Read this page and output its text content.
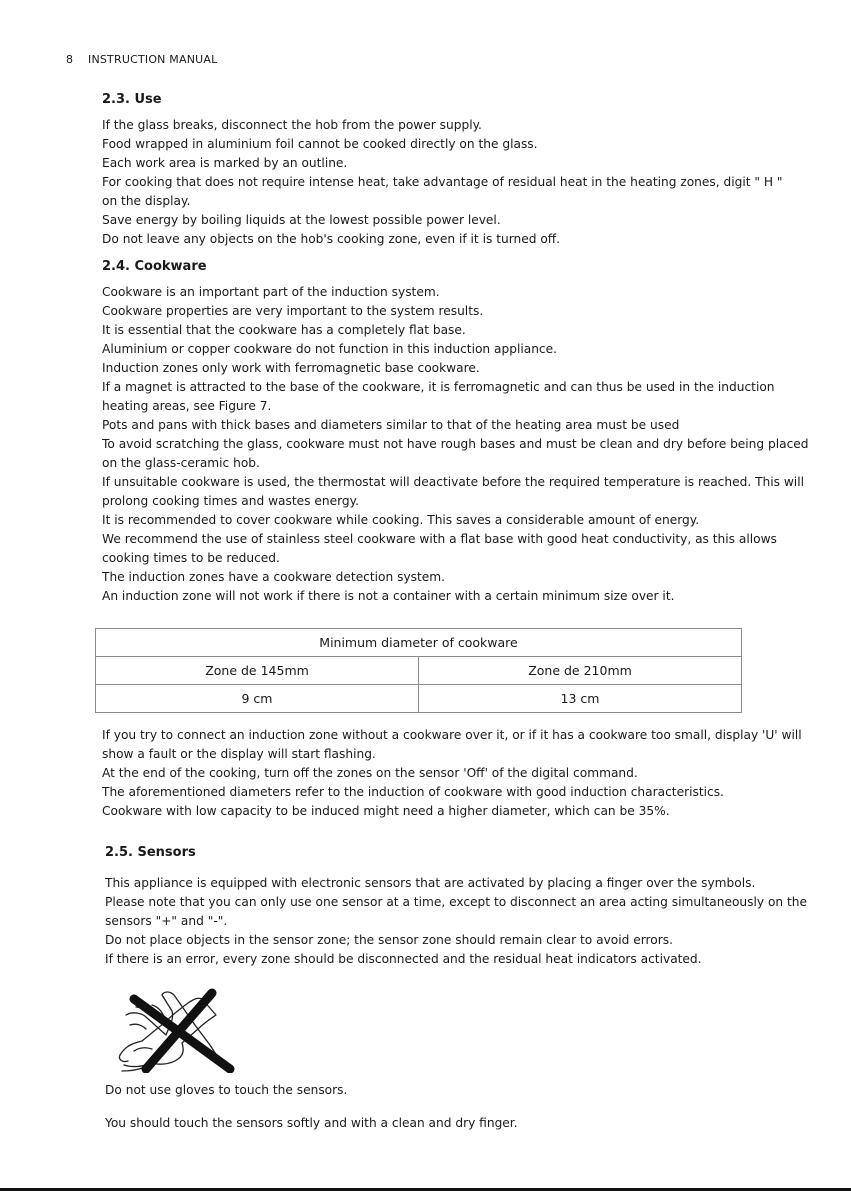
8 INSTRUCTION MANUAL
2.3. Use
If the glass breaks, disconnect the hob from the power supply.
Food wrapped in aluminium foil cannot be cooked directly on the glass.
Each work area is marked by an outline.
For cooking that does not require intense heat, take advantage of residual heat in the heating zones, digit " H "
on the display.
Save energy by boiling liquids at the lowest possible power level.
Do not leave any objects on the hob's cooking zone, even if it is turned off.
2.4. Cookware
Cookware is an important part of the induction system.
Cookware properties are very important to the system results.
It is essential that the cookware has a completely flat base.
Aluminium or copper cookware do not function in this induction appliance.
Induction zones only work with ferromagnetic base cookware.
If a magnet is attracted to the base of the cookware, it is ferromagnetic and can thus be used in the induction
heating areas, see Figure 7.
Pots and pans with thick bases and diameters similar to that of the heating area must be used
To avoid scratching the glass, cookware must not have rough bases and must be clean and dry before being placed
on the glass-ceramic hob.
If unsuitable cookware is used, the thermostat will deactivate before the required temperature is reached. This will
prolong cooking times and wastes energy.
It is recommended to cover cookware while cooking. This saves a considerable amount of energy.
We recommend the use of stainless steel cookware with a flat base with good heat conductivity, as this allows
cooking times to be reduced.
The induction zones have a cookware detection system.
An induction zone will not work if there is not a container with a certain minimum size over it.
Minimum diameter of cookware	
Zone de 145mm	Zone de 210mm
9 cm	13 cm
If you try to connect an induction zone without a cookware over it, or if it has a cookware too small, display 'U' will
show a fault or the display will start flashing.
At the end of the cooking, turn off the zones on the sensor 'Off' of the digital command.
The aforementioned diameters refer to the induction of cookware with good induction characteristics.
Cookware with low capacity to be induced might need a higher diameter, which can be 35%.
2.5. Sensors
This appliance is equipped with electronic sensors that are activated by placing a finger over the symbols.
Please note that you can only use one sensor at a time, except to disconnect an area acting simultaneously on the
sensors "+" and "-".
Do not place objects in the sensor zone; the sensor zone should remain clear to avoid errors.
If there is an error, every zone should be disconnected and the residual heat indicators activated.
Do not use gloves to touch the sensors.
You should touch the sensors softly and with a clean and dry finger.
